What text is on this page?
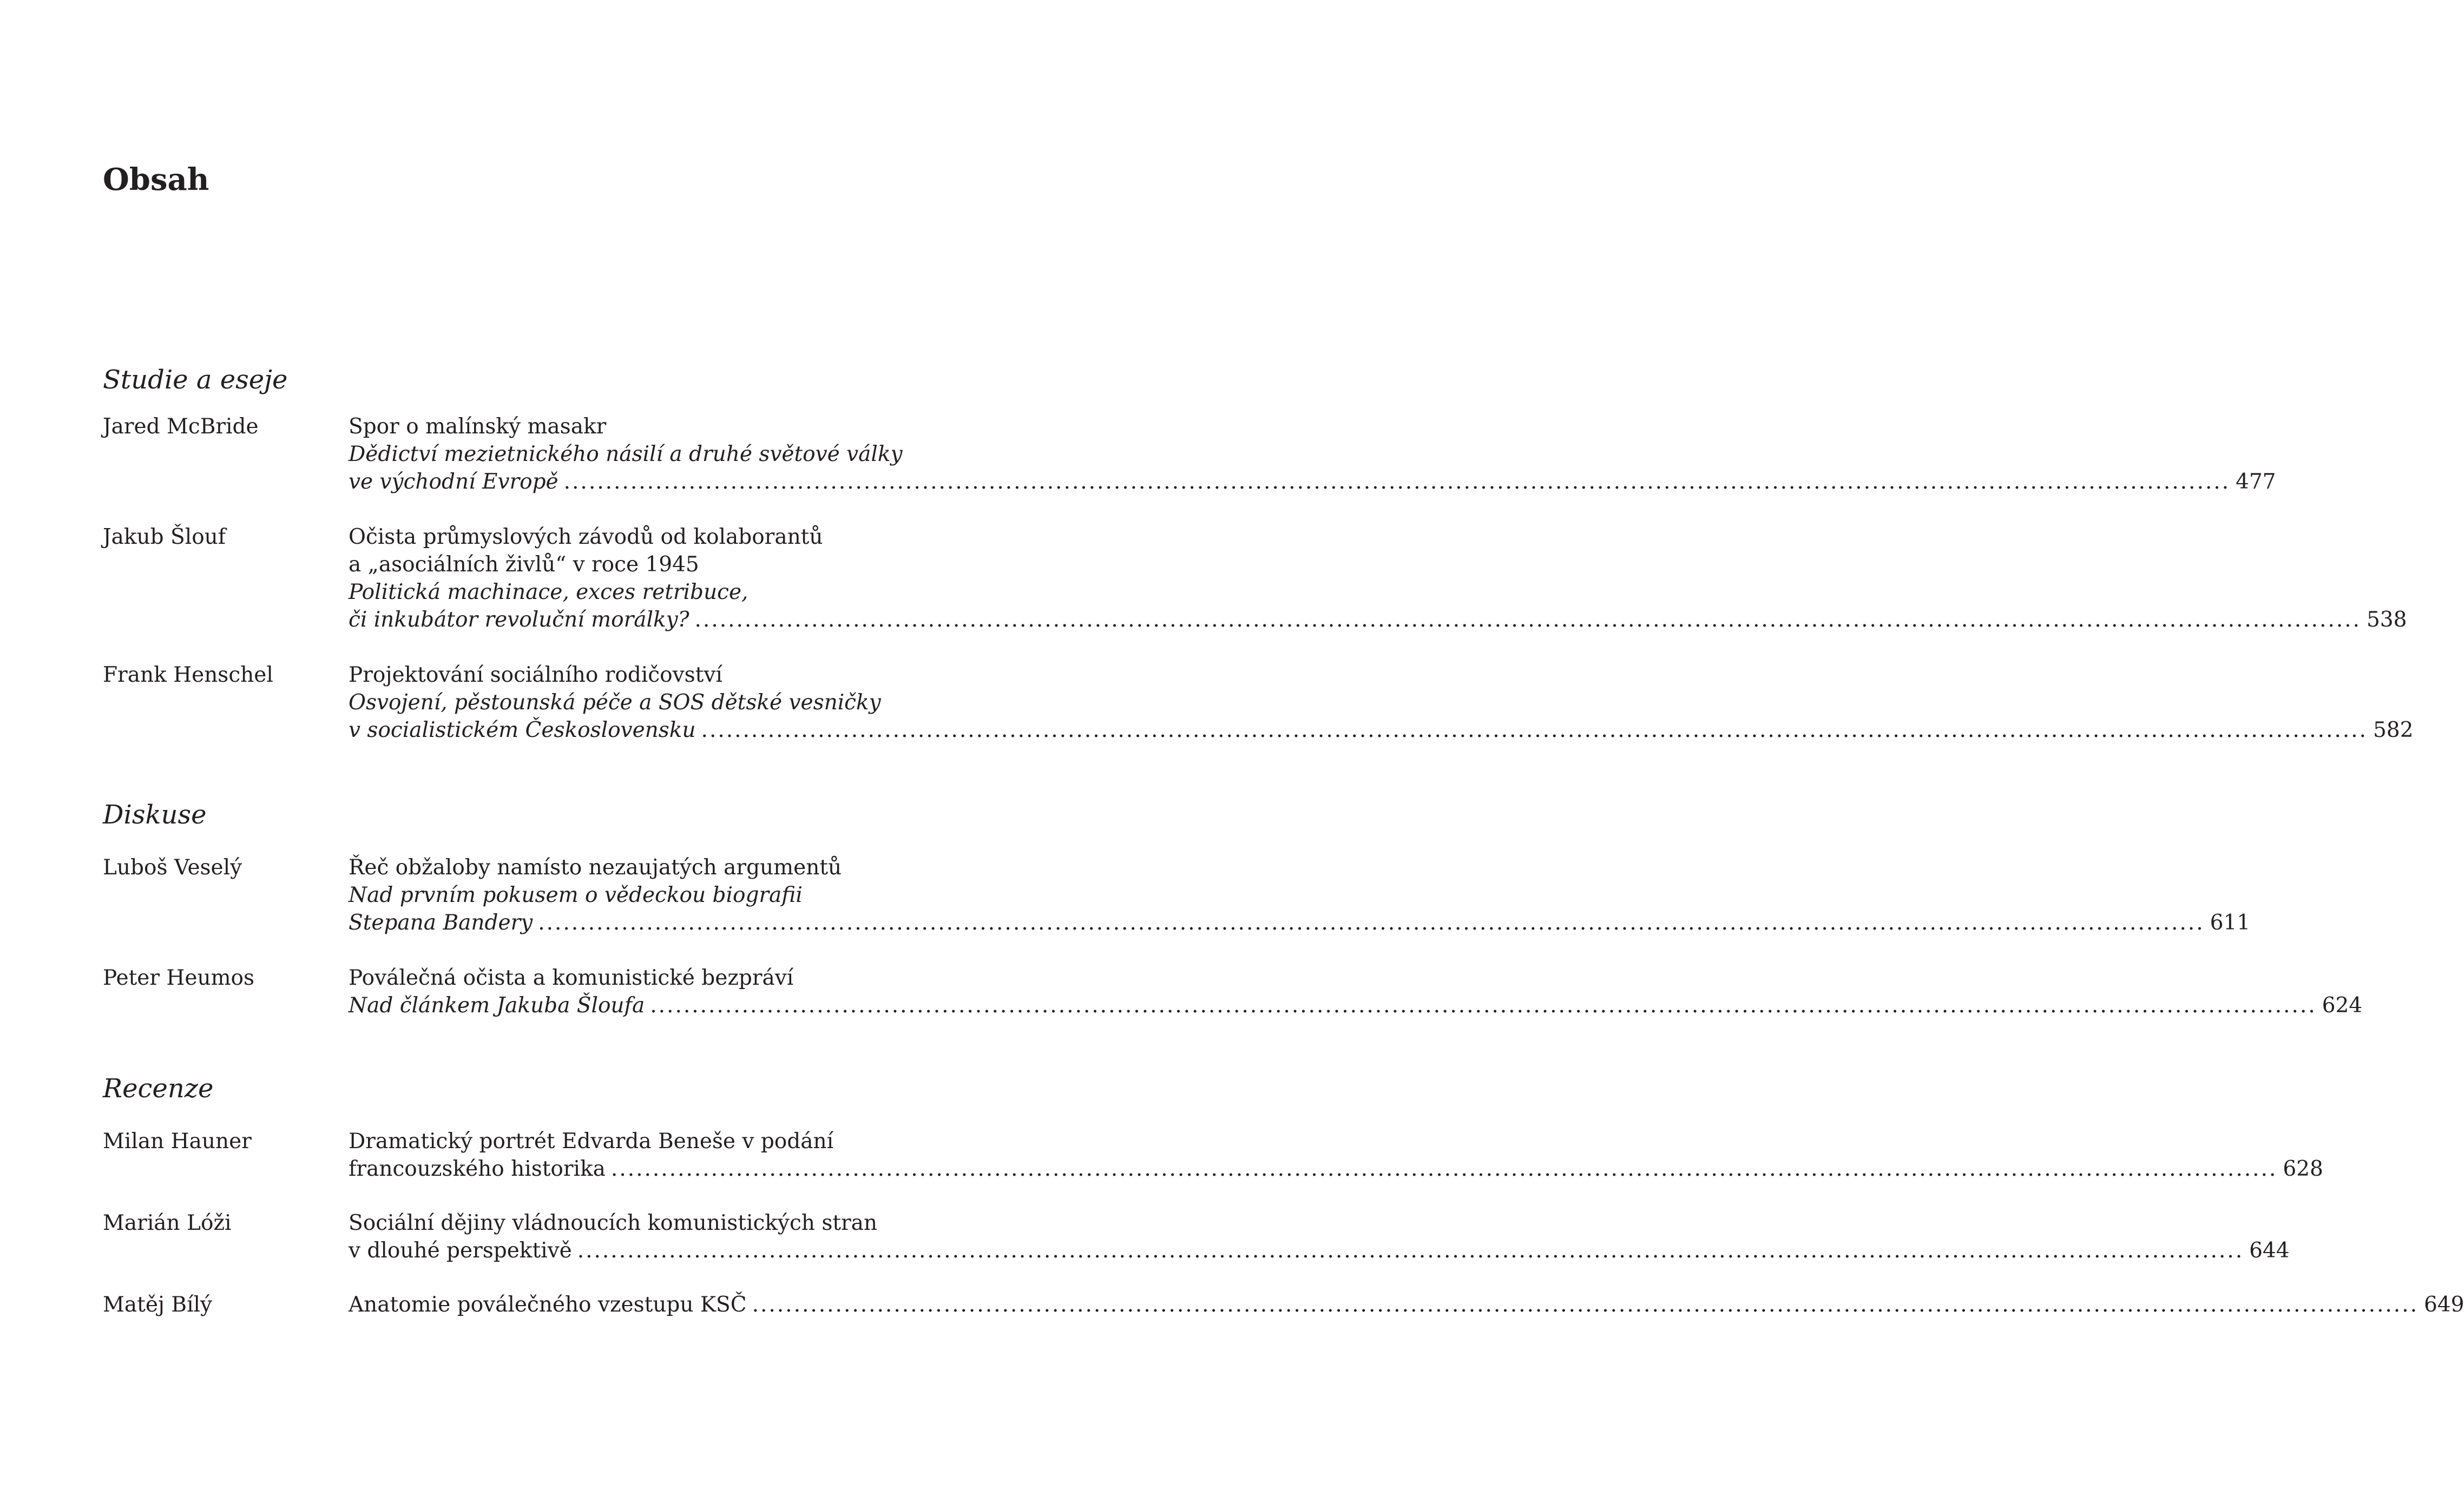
Obsah
Studie a eseje
Jared McBride	Spor o malínský masakr
Dědictví mezietnického násilí a druhé světové války
ve východní Evropě ........................................................................................................................................................................................................ 477
Jakub Šlouf	Očista průmyslových závodů od kolaborantů
a „asociálních živlů“ v roce 1945
Politická machinace, exces retribuce,
či inkubátor revoluční morálky? ........................................................................................................................................................................................................ 538
Frank Henschel	Projektování sociálního rodičovství
Osvojení, pěstounská péče a SOS dětské vesničky
v socialistickém Československu ........................................................................................................................................................................................................ 582
Diskuse
Luboš Veselý	Řeč obžaloby namísto nezaujatých argumentů
Nad prvním pokusem o vědeckou biografii
Stepana Bandery ........................................................................................................................................................................................................ 611
Peter Heumos	Poválečná očista a komunistické bezpráví
Nad článkem Jakuba Šloufa ........................................................................................................................................................................................................ 624
Recenze
Milan Hauner	Dramatický portrét Edvarda Beneše v podání
francouzského historika ........................................................................................................................................................................................................ 628
Marián Lóži	Sociální dějiny vládnoucích komunistických stran
v dlouhé perspektivě ........................................................................................................................................................................................................ 644
Matěj Bílý	Anatomie poválečného vzestupu KSČ ........................................................................................................................................................................................................ 649
